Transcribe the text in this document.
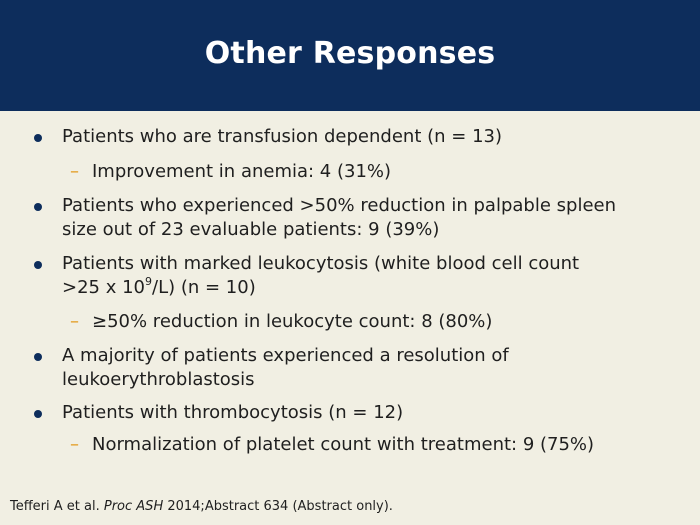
Other Responses
Patients who are transfusion dependent (n = 13)
– Improvement in anemia: 4 (31%)
Patients who experienced >50% reduction in palpable spleen
size out of 23 evaluable patients: 9 (39%)
Patients with marked leukocytosis (white blood cell count
>25 x $10^9/L$) (n = 10)
– ≥50% reduction in leukocyte count: 8 (80%)
A majority of patients experienced a resolution of
leukoerythroblastosis
Patients with thrombocytosis (n = 12)
– Normalization of platelet count with treatment: 9 (75%)
Tefferi A et al. Proc ASH 2014;Abstract 634 (Abstract only).
